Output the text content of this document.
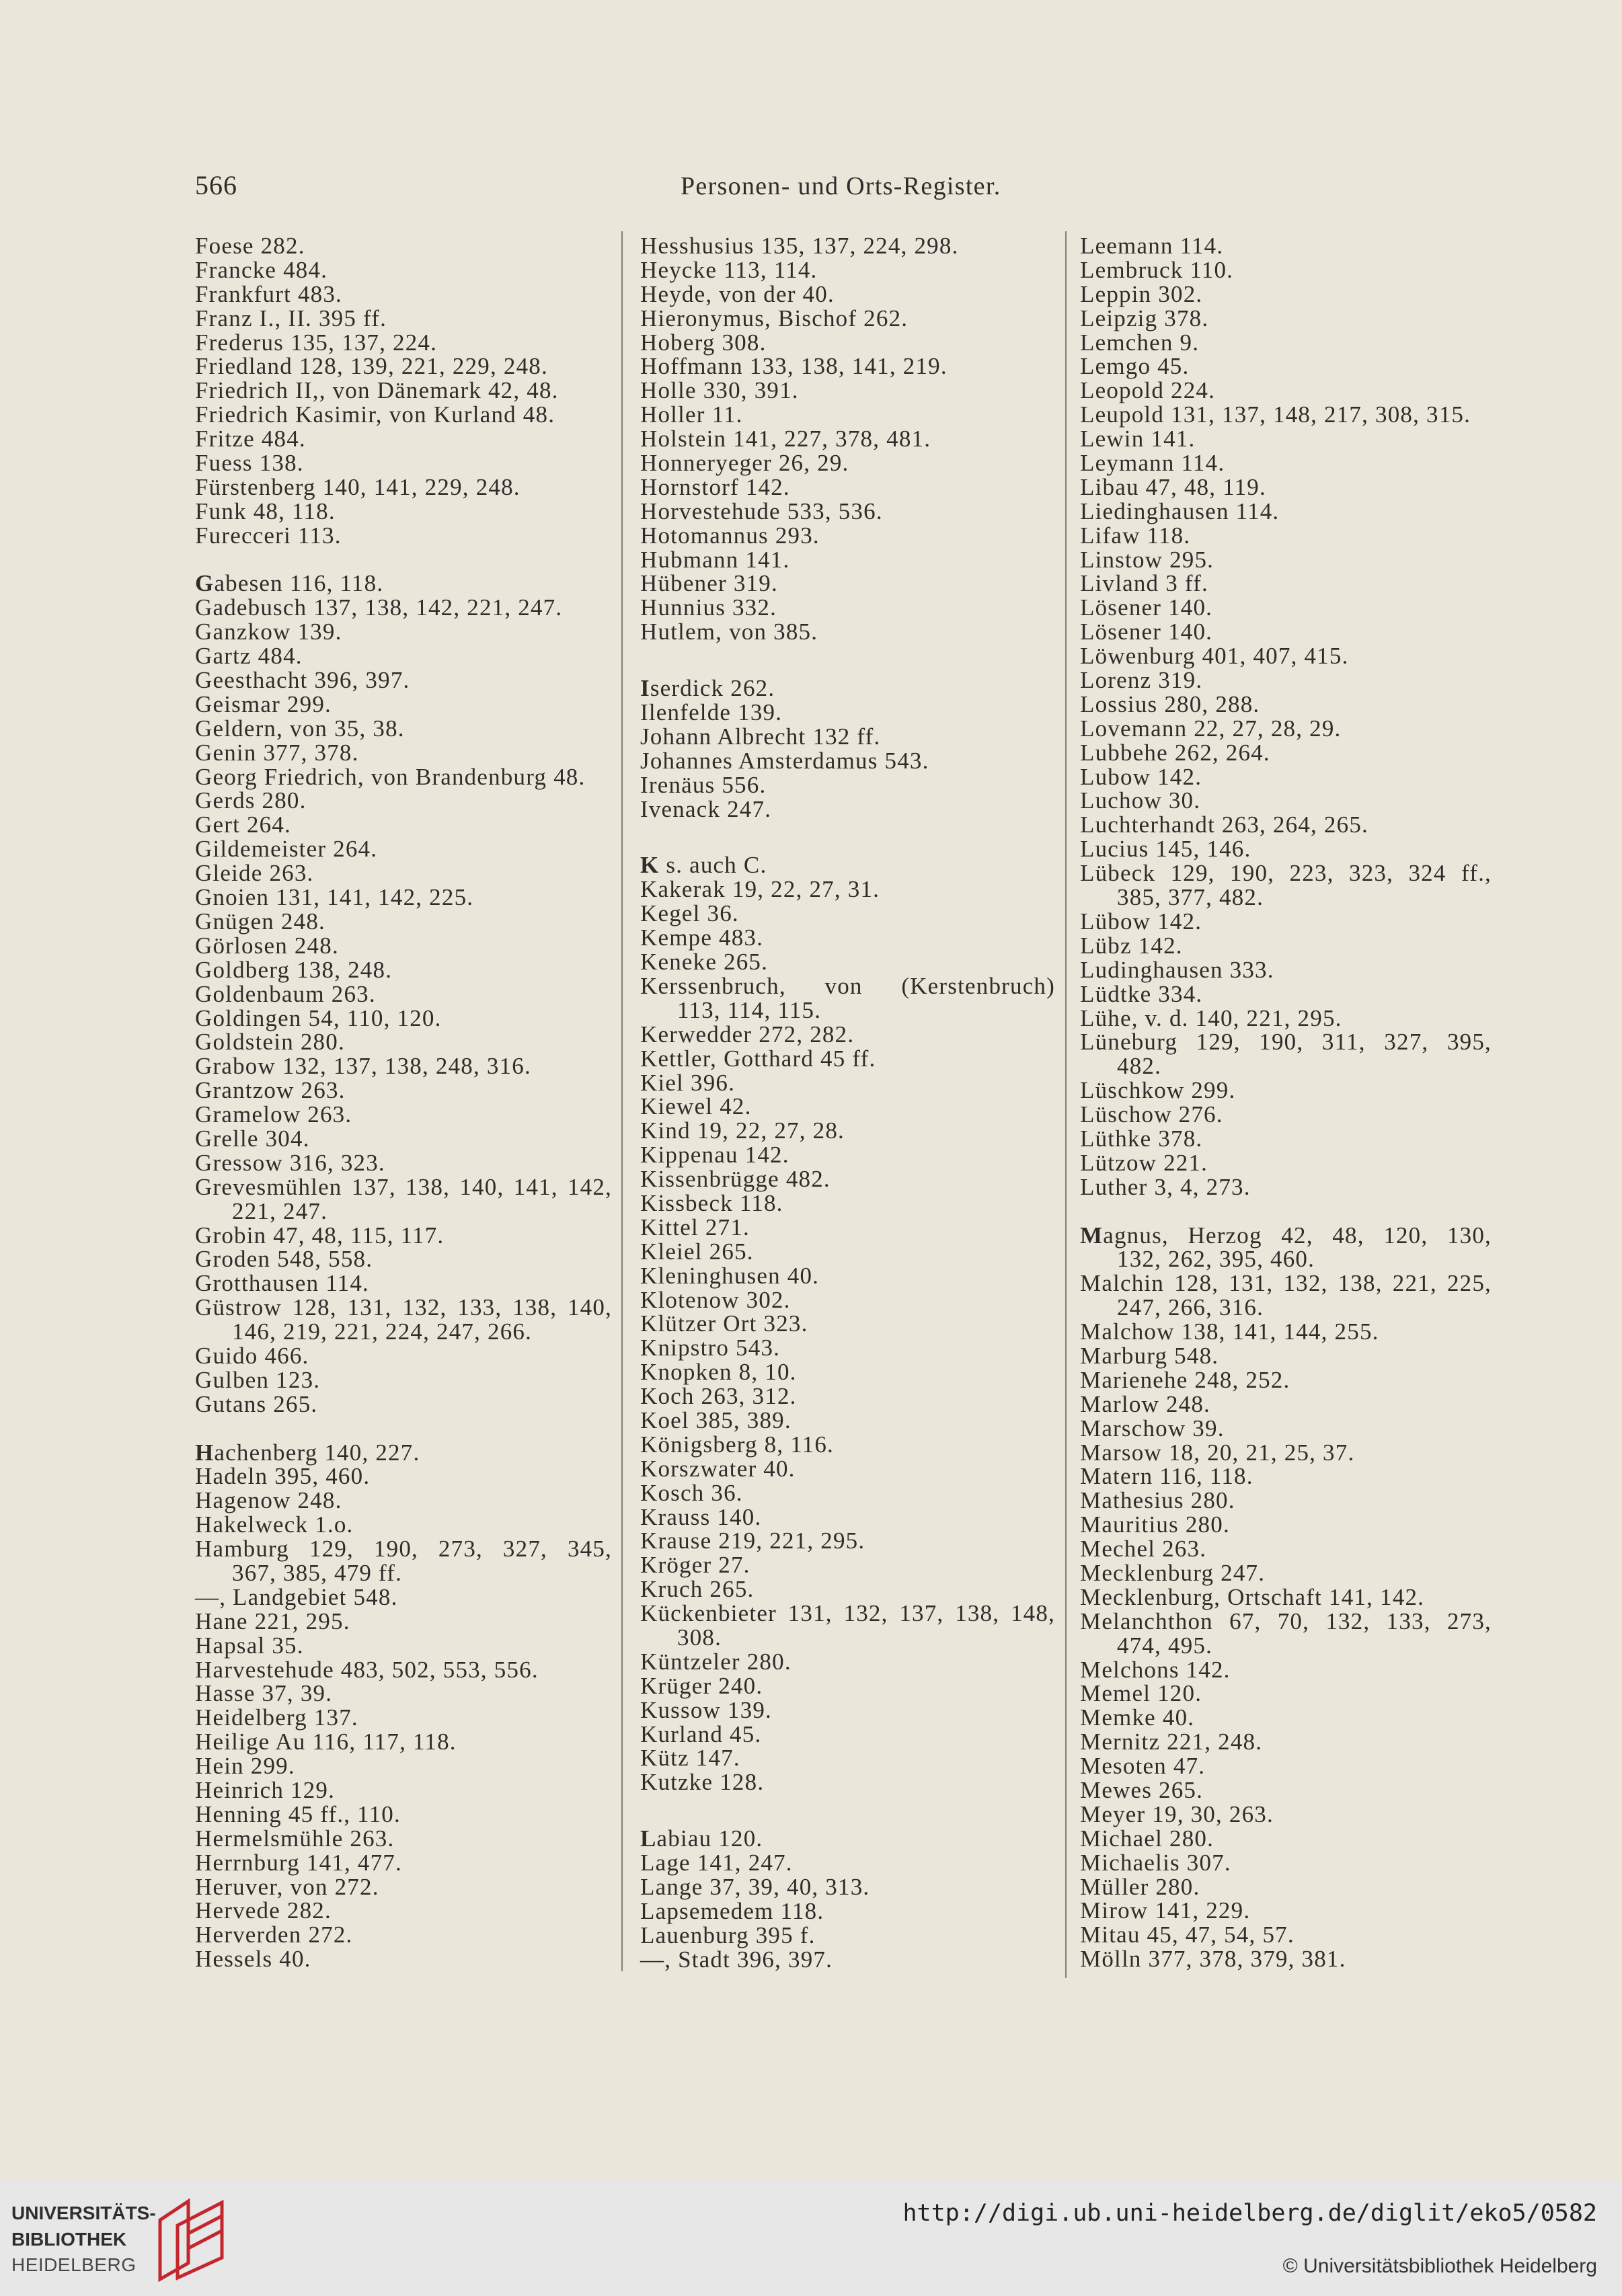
566	Personen- und Orts-Register.
Foese 282.
Francke 484.
Frankfurt 483.
Franz I., II. 395 ff.
Frederus 135, 137, 224.
Friedland 128, 139, 221, 229, 248.
Friedrich II,, von Dänemark 42, 48.
Friedrich Kasimir, von Kurland 48.
Fritze 484.
Fuess 138.
Fürstenberg 140, 141, 229, 248.
Funk 48, 118.
Furecceri 113.
Gabesen 116, 118.
Gadebusch 137, 138, 142, 221, 247.
Ganzkow 139.
Gartz 484.
Geesthacht 396, 397.
Geismar 299.
Geldern, von 35, 38.
Genin 377, 378.
Georg Friedrich, von Brandenburg 48.
Gerds 280.
Gert 264.
Gildemeister 264.
Gleide 263.
Gnoien 131, 141, 142, 225.
Gnügen 248.
Görlosen 248.
Goldberg 138, 248.
Goldenbaum 263.
Goldingen 54, 110, 120.
Goldstein 280.
Grabow 132, 137, 138, 248, 316.
Grantzow 263.
Gramelow 263.
Grelle 304.
Gressow 316, 323.
Grevesmühlen 137, 138, 140, 141, 142,
221, 247.
Grobin 47, 48, 115, 117.
Groden 548, 558.
Grotthausen 114.
Güstrow 128, 131, 132, 133, 138, 140,
146, 219, 221, 224, 247, 266.
Guido 466.
Gulben 123.
Gutans 265.
Hachenberg 140, 227.
Hadeln 395, 460.
Hagenow 248.
Hakelweck 1.o.
Hamburg 129, 190, 273, 327, 345,
367, 385, 479 ff.
—, Landgebiet 548.
Hane 221, 295.
Hapsal 35.
Harvestehude 483, 502, 553, 556.
Hasse 37, 39.
Heidelberg 137.
Heilige Au 116, 117, 118.
Hein 299.
Heinrich 129.
Henning 45 ff., 110.
Hermelsmühle 263.
Herrnburg 141, 477.
Heruver, von 272.
Hervede 282.
Herverden 272.
Hessels 40.
Hesshusius 135, 137, 224, 298.
Heycke 113, 114.
Heyde, von der 40.
Hieronymus, Bischof 262.
Hoberg 308.
Hoffmann 133, 138, 141, 219.
Holle 330, 391.
Holler 11.
Holstein 141, 227, 378, 481.
Honneryeger 26, 29.
Hornstorf 142.
Horvestehude 533, 536.
Hotomannus 293.
Hubmann 141.
Hübener 319.
Hunnius 332.
Hutlem, von 385.
Iserdick 262.
Ilenfelde 139.
Johann Albrecht 132 ff.
Johannes Amsterdamus 543.
Irenäus 556.
Ivenack 247.
K s. auch C.
Kakerak 19, 22, 27, 31.
Kegel 36.
Kempe 483.
Keneke 265.
Kerssenbruch, von (Kerstenbruch)
113, 114, 115.
Kerwedder 272, 282.
Kettler, Gotthard 45 ff.
Kiel 396.
Kiewel 42.
Kind 19, 22, 27, 28.
Kippenau 142.
Kissenbrügge 482.
Kissbeck 118.
Kittel 271.
Kleiel 265.
Kleninghusen 40.
Klotenow 302.
Klützer Ort 323.
Knipstro 543.
Knopken 8, 10.
Koch 263, 312.
Koel 385, 389.
Königsberg 8, 116.
Korszwater 40.
Kosch 36.
Krauss 140.
Krause 219, 221, 295.
Kröger 27.
Kruch 265.
Kückenbieter 131, 132, 137, 138, 148,
308.
Küntzeler 280.
Krüger 240.
Kussow 139.
Kurland 45.
Kütz 147.
Kutzke 128.
Labiau 120.
Lage 141, 247.
Lange 37, 39, 40, 313.
Lapsemedem 118.
Lauenburg 395 f.
—, Stadt 396, 397.
Leemann 114.
Lembruck 110.
Leppin 302.
Leipzig 378.
Lemchen 9.
Lemgo 45.
Leopold 224.
Leupold 131, 137, 148, 217, 308, 315.
Lewin 141.
Leymann 114.
Libau 47, 48, 119.
Liedinghausen 114.
Lifaw 118.
Linstow 295.
Livland 3 ff.
Lösener 140.
Lösener 140.
Löwenburg 401, 407, 415.
Lorenz 319.
Lossius 280, 288.
Lovemann 22, 27, 28, 29.
Lubbehe 262, 264.
Lubow 142.
Luchow 30.
Luchterhandt 263, 264, 265.
Lucius 145, 146.
Lübeck 129, 190, 223, 323, 324 ff.,
385, 377, 482.
Lübow 142.
Lübz 142.
Ludinghausen 333.
Lüdtke 334.
Lühe, v. d. 140, 221, 295.
Lüneburg 129, 190, 311, 327, 395,
482.
Lüschkow 299.
Lüschow 276.
Lüthke 378.
Lützow 221.
Luther 3, 4, 273.
Magnus, Herzog 42, 48, 120, 130,
132, 262, 395, 460.
Malchin 128, 131, 132, 138, 221, 225,
247, 266, 316.
Malchow 138, 141, 144, 255.
Marburg 548.
Marienehe 248, 252.
Marlow 248.
Marschow 39.
Marsow 18, 20, 21, 25, 37.
Matern 116, 118.
Mathesius 280.
Mauritius 280.
Mechel 263.
Mecklenburg 247.
Mecklenburg, Ortschaft 141, 142.
Melanchthon 67, 70, 132, 133, 273,
474, 495.
Melchons 142.
Memel 120.
Memke 40.
Mernitz 221, 248.
Mesoten 47.
Mewes 265.
Meyer 19, 30, 263.
Michael 280.
Michaelis 307.
Müller 280.
Mirow 141, 229.
Mitau 45, 47, 54, 57.
Mölln 377, 378, 379, 381.
UNIVERSITÄTS-
BIBLIOTHEK
HEIDELBERG
http://digi.ub.uni-heidelberg.de/diglit/eko5/0582
© Universitätsbibliothek Heidelberg
